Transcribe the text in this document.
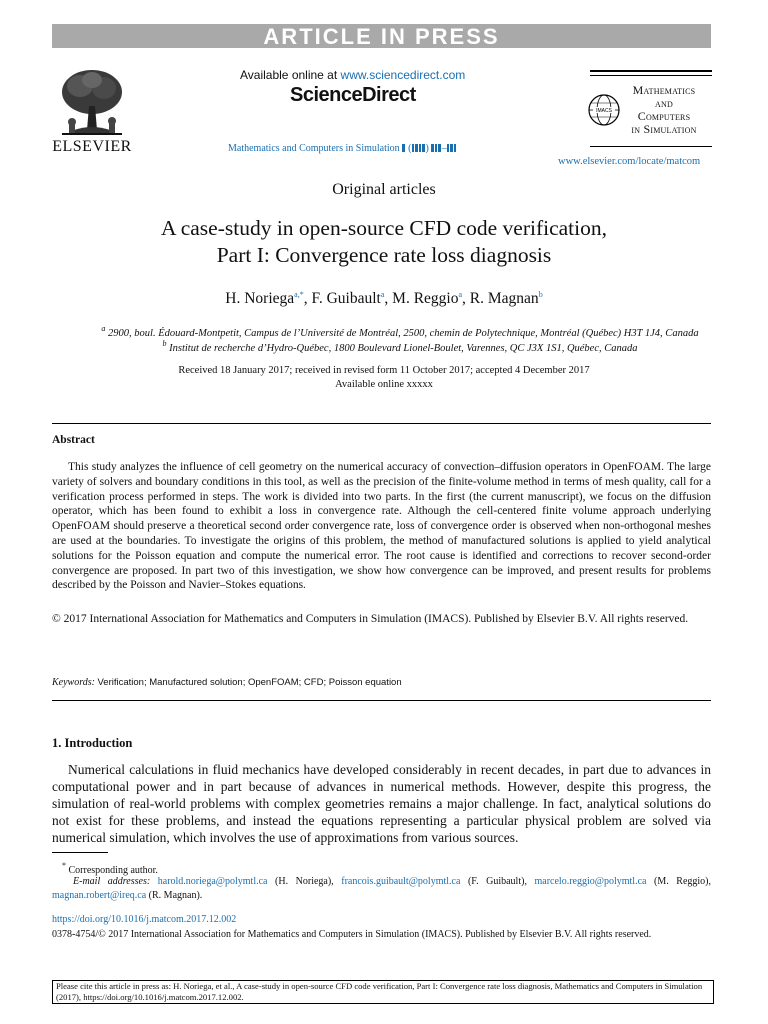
ARTICLE IN PRESS
ELSEVIER
Available online at www.sciencedirect.com
ScienceDirect
Mathematics and Computers in Simulation  ( ) –
IMACS
Mathematics
and
Computers
in Simulation
www.elsevier.com/locate/matcom
Original articles
A case-study in open-source CFD code verification,
Part I: Convergence rate loss diagnosis
H. Noriega$^{a,*}$, F. Guibault$^a$, M. Reggio$^a$, R. Magnan$^b$
$^a$ 2900, boul. Édouard-Montpetit, Campus de l’Université de Montréal, 2500, chemin de Polytechnique, Montréal (Québec) H3T 1J4, Canada
$^b$ Institut de recherche d’Hydro-Québec, 1800 Boulevard Lionel-Boulet, Varennes, QC J3X 1S1, Québec, Canada
Received 18 January 2017; received in revised form 11 October 2017; accepted 4 December 2017
Available online xxxxx
Abstract
This study analyzes the influence of cell geometry on the numerical accuracy of convection–diffusion operators in OpenFOAM. The large variety of solvers and boundary conditions in this tool, as well as the precision of the finite-volume method in terms of mesh quality, call for a verification process performed in steps. The work is divided into two parts. In the first (the current manuscript), we focus on the diffusion operator, which has been found to exhibit a loss in convergence rate. Although the cell-centered finite volume approach underlying OpenFOAM should preserve a theoretical second order convergence rate, loss of convergence order is observed when non-orthogonal meshes are used at the boundaries. To investigate the origins of this problem, the method of manufactured solutions is applied to yield analytical solutions for the Poisson equation and compute the numerical error. The root cause is identified and corrections to recover second-order convergence are proposed. In part two of this investigation, we show how convergence can be improved, and present results for problems described by the Poisson and Navier–Stokes equations.
© 2017 International Association for Mathematics and Computers in Simulation (IMACS). Published by Elsevier B.V. All rights reserved.
Keywords: Verification; Manufactured solution; OpenFOAM; CFD; Poisson equation
1. Introduction
Numerical calculations in fluid mechanics have developed considerably in recent decades, in part due to advances in computational power and in part because of advances in numerical methods. However, despite this progress, the simulation of real-world problems with complex geometries remains a major challenge. In fact, analytical solutions do not exist for these problems, and instead the equations representing a particular physical problem are solved via numerical simulation, which involves the use of approximations from various sources.
* Corresponding author.
E-mail addresses: harold.noriega@polymtl.ca (H. Noriega), francois.guibault@polymtl.ca (F. Guibault), marcelo.reggio@polymtl.ca (M. Reggio), magnan.robert@ireq.ca (R. Magnan).
https://doi.org/10.1016/j.matcom.2017.12.002
0378-4754/© 2017 International Association for Mathematics and Computers in Simulation (IMACS). Published by Elsevier B.V. All rights reserved.
Please cite this article in press as: H. Noriega, et al., A case-study in open-source CFD code verification, Part I: Convergence rate loss diagnosis, Mathematics and Computers in Simulation (2017), https://doi.org/10.1016/j.matcom.2017.12.002.
